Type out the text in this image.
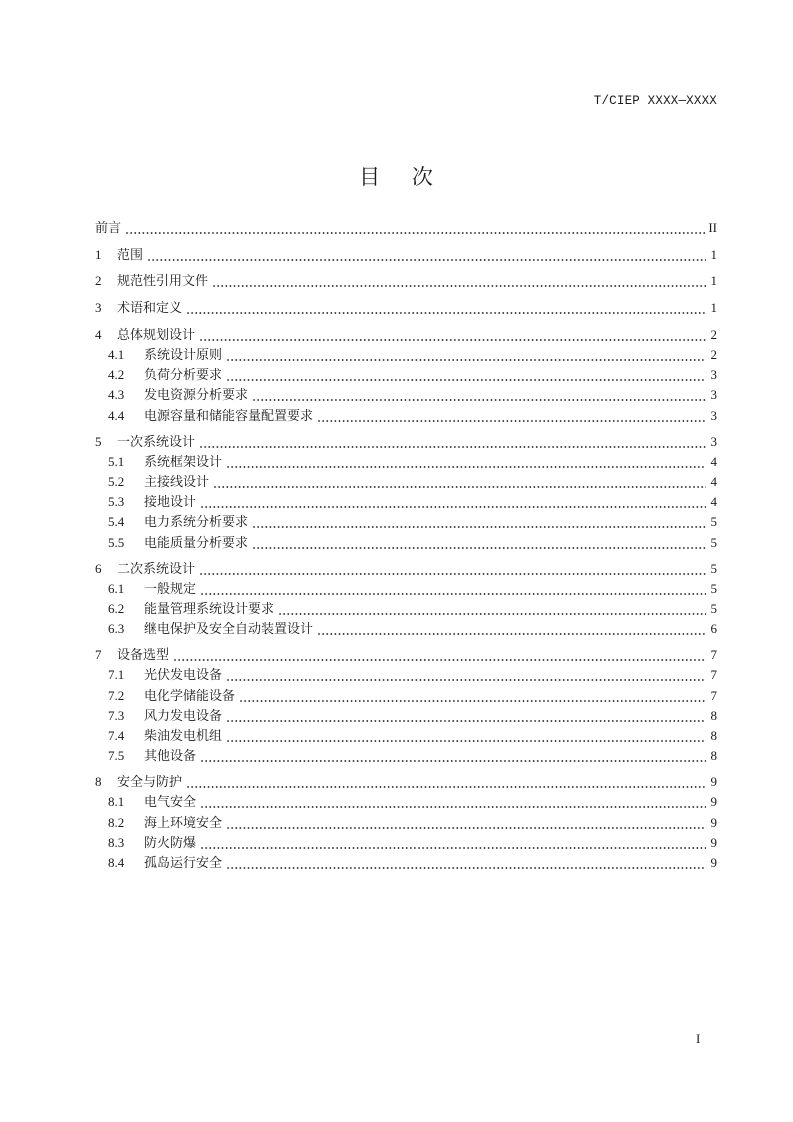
T/CIEP XXXX—XXXX
目    次
前言	II
1	范围	1
2	规范性引用文件	1
3	术语和定义	1
4	总体规划设计	2
4.1	系统设计原则	2
4.2	负荷分析要求	3
4.3	发电资源分析要求	3
4.4	电源容量和储能容量配置要求	3
5	一次系统设计	3
5.1	系统框架设计	4
5.2	主接线设计	4
5.3	接地设计	4
5.4	电力系统分析要求	5
5.5	电能质量分析要求	5
6	二次系统设计	5
6.1	一般规定	5
6.2	能量管理系统设计要求	5
6.3	继电保护及安全自动装置设计	6
7	设备选型	7
7.1	光伏发电设备	7
7.2	电化学储能设备	7
7.3	风力发电设备	8
7.4	柴油发电机组	8
7.5	其他设备	8
8	安全与防护	9
8.1	电气安全	9
8.2	海上环境安全	9
8.3	防火防爆	9
8.4	孤岛运行安全	9
I
